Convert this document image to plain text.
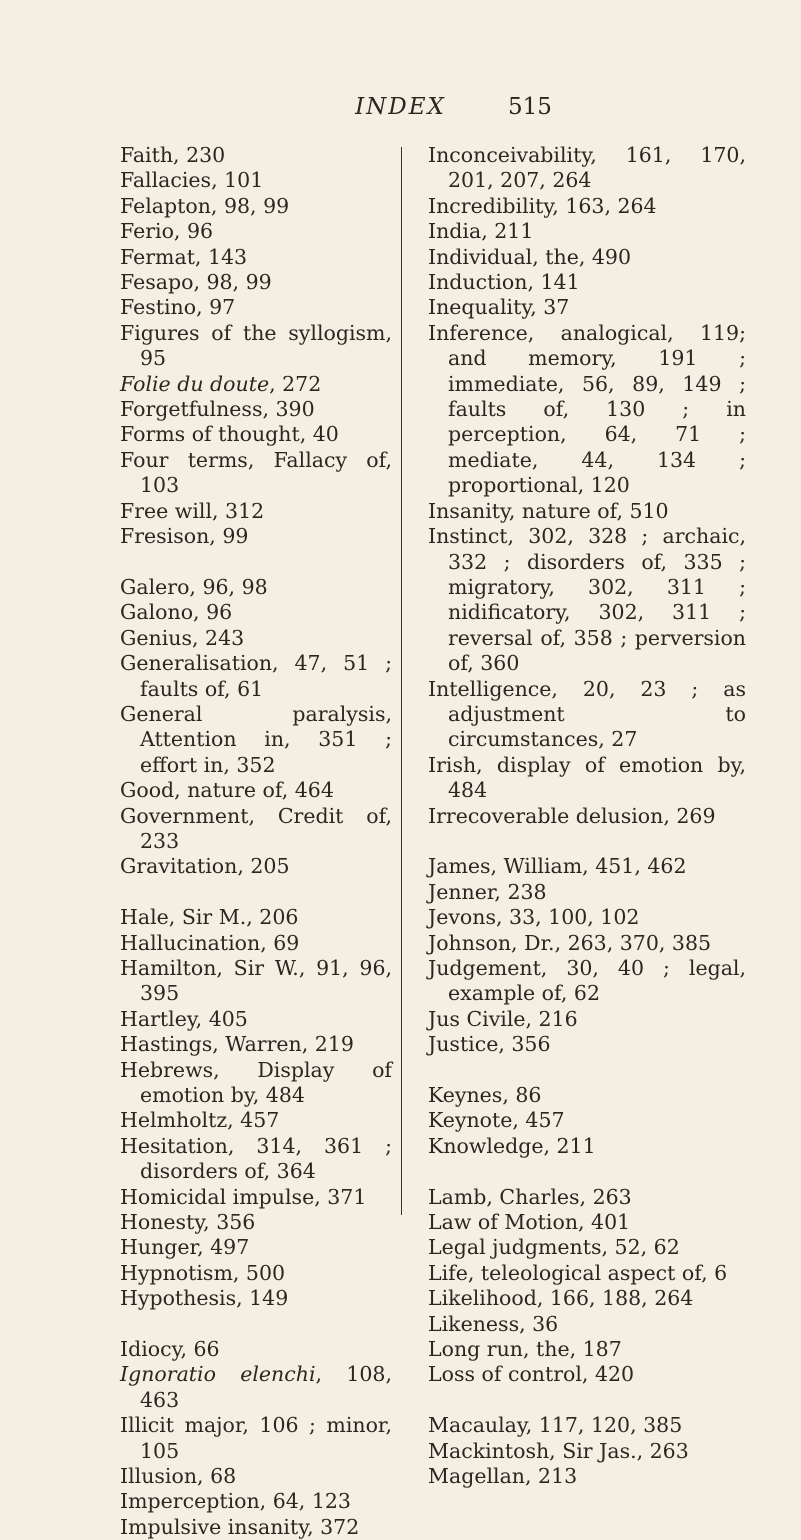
INDEX	515
Faith, 230
Fallacies, 101
Felapton, 98, 99
Ferio, 96
Fermat, 143
Fesapo, 98, 99
Festino, 97
Figures of the syllogism, 95
Folie du doute, 272
Forgetfulness, 390
Forms of thought, 40
Four terms, Fallacy of, 103
Free will, 312
Fresison, 99
Galero, 96, 98
Galono, 96
Genius, 243
Generalisation, 47, 51 ; faults of, 61
General paralysis, Attention in, 351 ; effort in, 352
Good, nature of, 464
Government, Credit of, 233
Gravitation, 205
Hale, Sir M., 206
Hallucination, 69
Hamilton, Sir W., 91, 96, 395
Hartley, 405
Hastings, Warren, 219
Hebrews, Display of emotion by, 484
Helmholtz, 457
Hesitation, 314, 361 ; disorders of, 364
Homicidal impulse, 371
Honesty, 356
Hunger, 497
Hypnotism, 500
Hypothesis, 149
Idiocy, 66
Ignoratio elenchi, 108, 463
Illicit major, 106 ; minor, 105
Illusion, 68
Imperception, 64, 123
Impulsive insanity, 372
Inconceivability, 161, 170, 201, 207, 264
Incredibility, 163, 264
India, 211
Individual, the, 490
Induction, 141
Inequality, 37
Inference, analogical, 119; and memory, 191 ; immediate, 56, 89, 149 ; faults of, 130 ; in perception, 64, 71 ; mediate, 44, 134 ; proportional, 120
Insanity, nature of, 510
Instinct, 302, 328 ; archaic, 332 ; disorders of, 335 ; migratory, 302, 311 ; nidificatory, 302, 311 ; reversal of, 358 ; perversion of, 360
Intelligence, 20, 23 ; as adjustment to circumstances, 27
Irish, display of emotion by, 484
Irrecoverable delusion, 269
James, William, 451, 462
Jenner, 238
Jevons, 33, 100, 102
Johnson, Dr., 263, 370, 385
Judgement, 30, 40 ; legal, example of, 62
Jus Civile, 216
Justice, 356
Keynes, 86
Keynote, 457
Knowledge, 211
Lamb, Charles, 263
Law of Motion, 401
Legal judgments, 52, 62
Life, teleological aspect of, 6
Likelihood, 166, 188, 264
Likeness, 36
Long run, the, 187
Loss of control, 420
Macaulay, 117, 120, 385
Mackintosh, Sir Jas., 263
Magellan, 213
